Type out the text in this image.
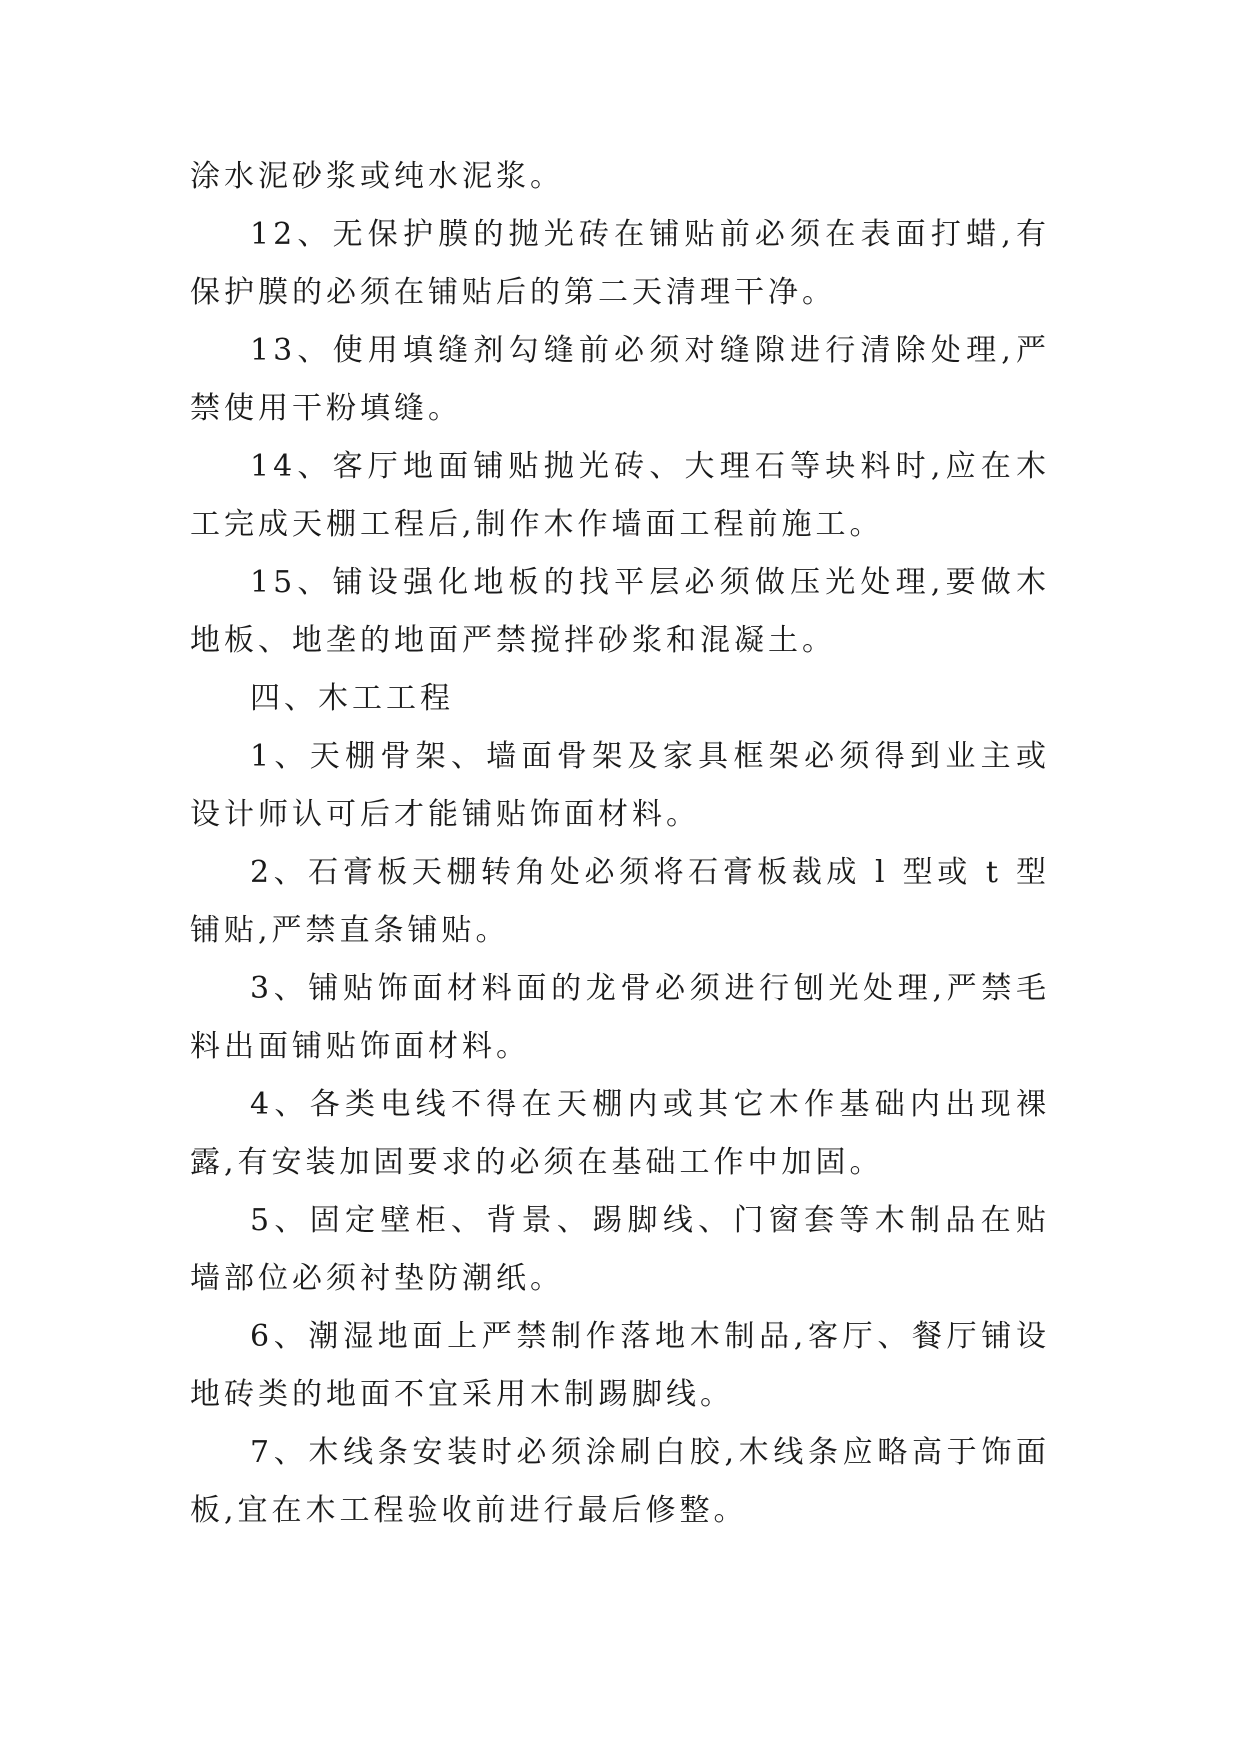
涂水泥砂浆或纯水泥浆。

12、无保护膜的抛光砖在铺贴前必须在表面打蜡,有保护膜的必须在铺贴后的第二天清理干净。

13、使用填缝剂勾缝前必须对缝隙进行清除处理,严禁使用干粉填缝。

14、客厅地面铺贴抛光砖、大理石等块料时,应在木工完成天棚工程后,制作木作墙面工程前施工。

15、铺设强化地板的找平层必须做压光处理,要做木地板、地垄的地面严禁搅拌砂浆和混凝土。

四、木工工程

1、天棚骨架、墙面骨架及家具框架必须得到业主或设计师认可后才能铺贴饰面材料。

2、石膏板天棚转角处必须将石膏板裁成 l 型或 t 型铺贴,严禁直条铺贴。

3、铺贴饰面材料面的龙骨必须进行刨光处理,严禁毛料出面铺贴饰面材料。

4、各类电线不得在天棚内或其它木作基础内出现裸露,有安装加固要求的必须在基础工作中加固。

5、固定壁柜、背景、踢脚线、门窗套等木制品在贴墙部位必须衬垫防潮纸。

6、潮湿地面上严禁制作落地木制品,客厅、餐厅铺设地砖类的地面不宜采用木制踢脚线。

7、木线条安装时必须涂刷白胶,木线条应略高于饰面板,宜在木工程验收前进行最后修整。
